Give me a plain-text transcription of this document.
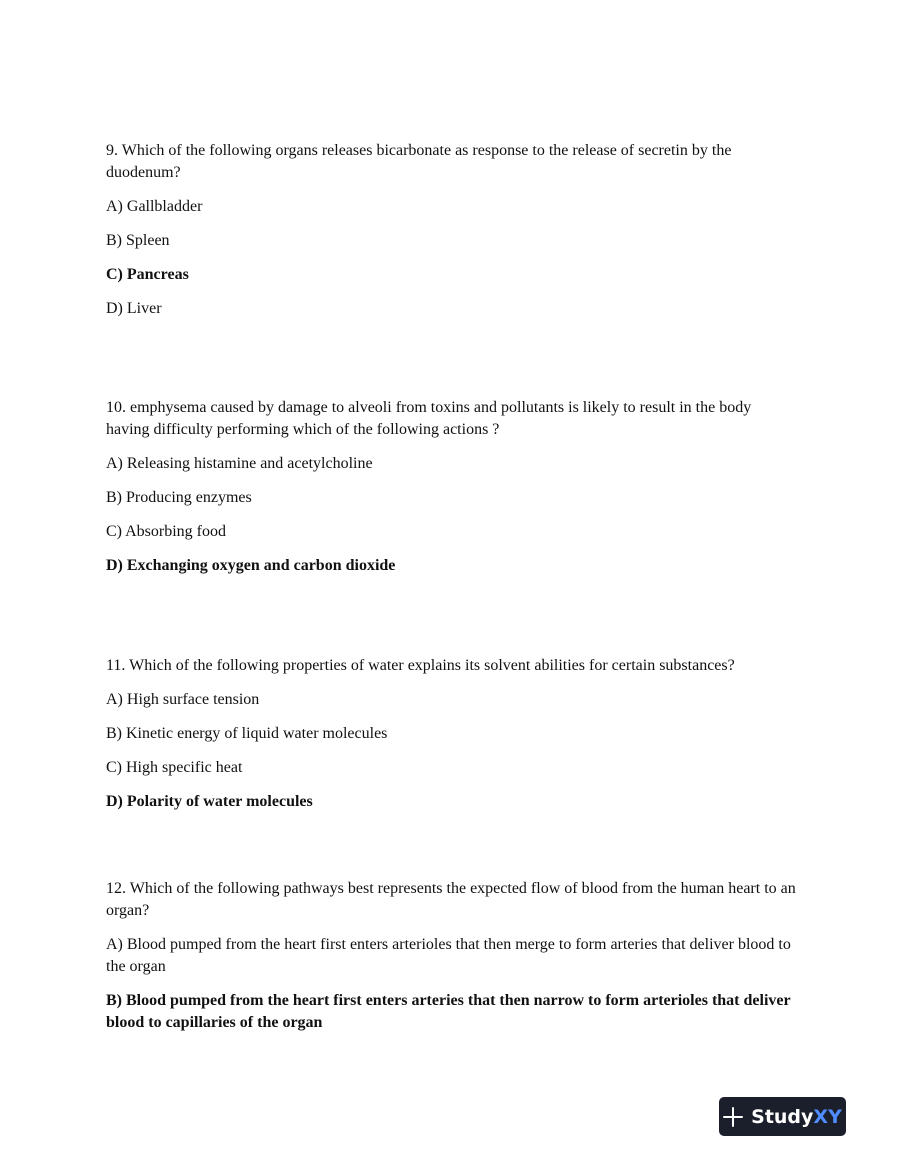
9. Which of the following organs releases bicarbonate as response to the release of secretin by the duodenum?
A) Gallbladder
B) Spleen
C) Pancreas
D) Liver
10. emphysema caused by damage to alveoli from toxins and pollutants is likely to result in the body having difficulty performing which of the following actions ?
A) Releasing histamine and acetylcholine
B) Producing enzymes
C) Absorbing food
D) Exchanging oxygen and carbon dioxide
11. Which of the following properties of water explains its solvent abilities for certain substances?
A) High surface tension
B) Kinetic energy of liquid water molecules
C) High specific heat
D) Polarity of water molecules
12. Which of the following pathways best represents the expected flow of blood from the human heart to an organ?
A) Blood pumped from the heart first enters arterioles that then merge to form arteries that deliver blood to the organ
B) Blood pumped from the heart first enters arteries that then narrow to form arterioles that deliver blood to capillaries of the organ
Study XY
